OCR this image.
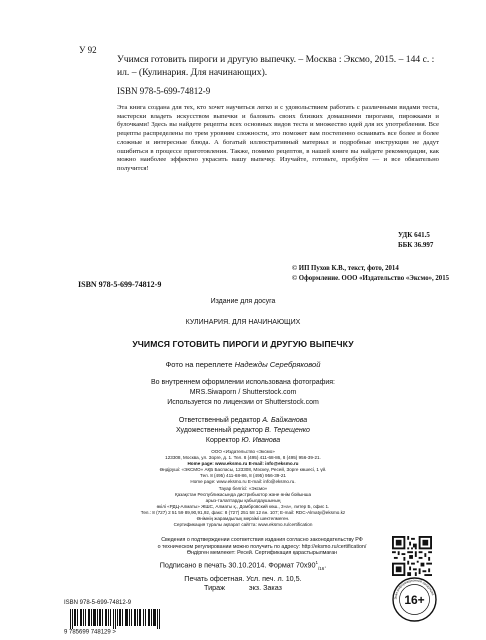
У 92
Учимся готовить пироги и другую выпечку. – Москва : Эксмо, 2015. – 144 с. : ил. – (Кулинария. Для начинающих).
ISBN 978-5-699-74812-9
Эта книга создана для тех, кто хочет научиться легко и с удовольствием работать с различными видами теста, мастерски владеть искусством выпечки и баловать своих близких домашними пирогами, пирожками и булочками! Здесь вы найдете рецепты всех основных видов теста и множество идей для их употребления. Все рецепты распределены по трем уровням сложности, это поможет вам постепенно осваивать все более и более сложные и интересные блюда. А богатый иллюстративный материал и подробные инструкции не дадут ошибиться в процессе приготовления. Также, помимо рецептов, в нашей книге вы найдете рекомендации, как можно наиболее эффектно украсить вашу выпечку. Изучайте, готовьте, пробуйте — и все обязательно получится!
УДК 641.5
ББК 36.997
© ИП Пухов К.В., текст, фото, 2014
© Оформление. ООО «Издательство «Эксмо», 2015
ISBN 978-5-699-74812-9
Издание для досуга
КУЛИНАРИЯ. ДЛЯ НАЧИНАЮЩИХ
УЧИМСЯ ГОТОВИТЬ ПИРОГИ И ДРУГУЮ ВЫПЕЧКУ
Фото на переплете Надежды Серебряковой
Во внутреннем оформлении использована фотография:
MRS.Siwaporn / Shutterstock.com
Используется по лицензии от Shutterstock.com
Ответственный редактор А. Байжанова
Художественный редактор В. Терещенко
Корректор Ю. Иванова
ООО «Издательство «Эксмо»
123308, Москва, ул. Зорге, д. 1. Тел. 8 (495) 411-68-86, 8 (495) 956-39-21.
Home page: www.eksmo.ru E-mail: info@eksmo.ru
Өндіруші: «ЭКСМО» АҚБ Баспасы, 123308, Мәскеу, Ресей, Зорге көшесі, 1 үй.
Тел. 8 (495) 411-68-86, 8 (495) 956-39-21
Home page: www.eksmo.ru E-mail: info@eksmo.ru.
Тауар белгісі: «Эксмо»
Қазақстан Республикасында дистрибьютор және өнім бойынша
арыз-талаптарды қабылдаушының
өкілі «РДЦ-Алматы» ЖШС, Алматы қ., Домбровский көш., 3«а», литер Б, офис 1.
Тел.: 8 (727) 2 51 59 89,90,91,92, факс: 8 (727) 251 58 12 вн. 107; E-mail: RDC-Almaty@eksmo.kz
Өнімнің жарамдылық мерзімі шектелмеген.
Сертификация туралы ақпарат сайтта: www.eksmo.ru/certification
Сведения о подтверждении соответствия издания согласно законодательству РФ
о техническом регулировании можно получить по адресу: http://eksmo.ru/certification/
Өндірген мемлекет: Ресей. Сертификация қарастырылмаған
Подписано в печать 30.10.2014. Формат $70х90^1_{/16}$.
Печать офсетная. Усл. печ. л. 10,5.
Тираж            экз. Заказ
ISBN 978-5-699-74812-9
9 785699 748129 >
Знак информационной продукции
16+
